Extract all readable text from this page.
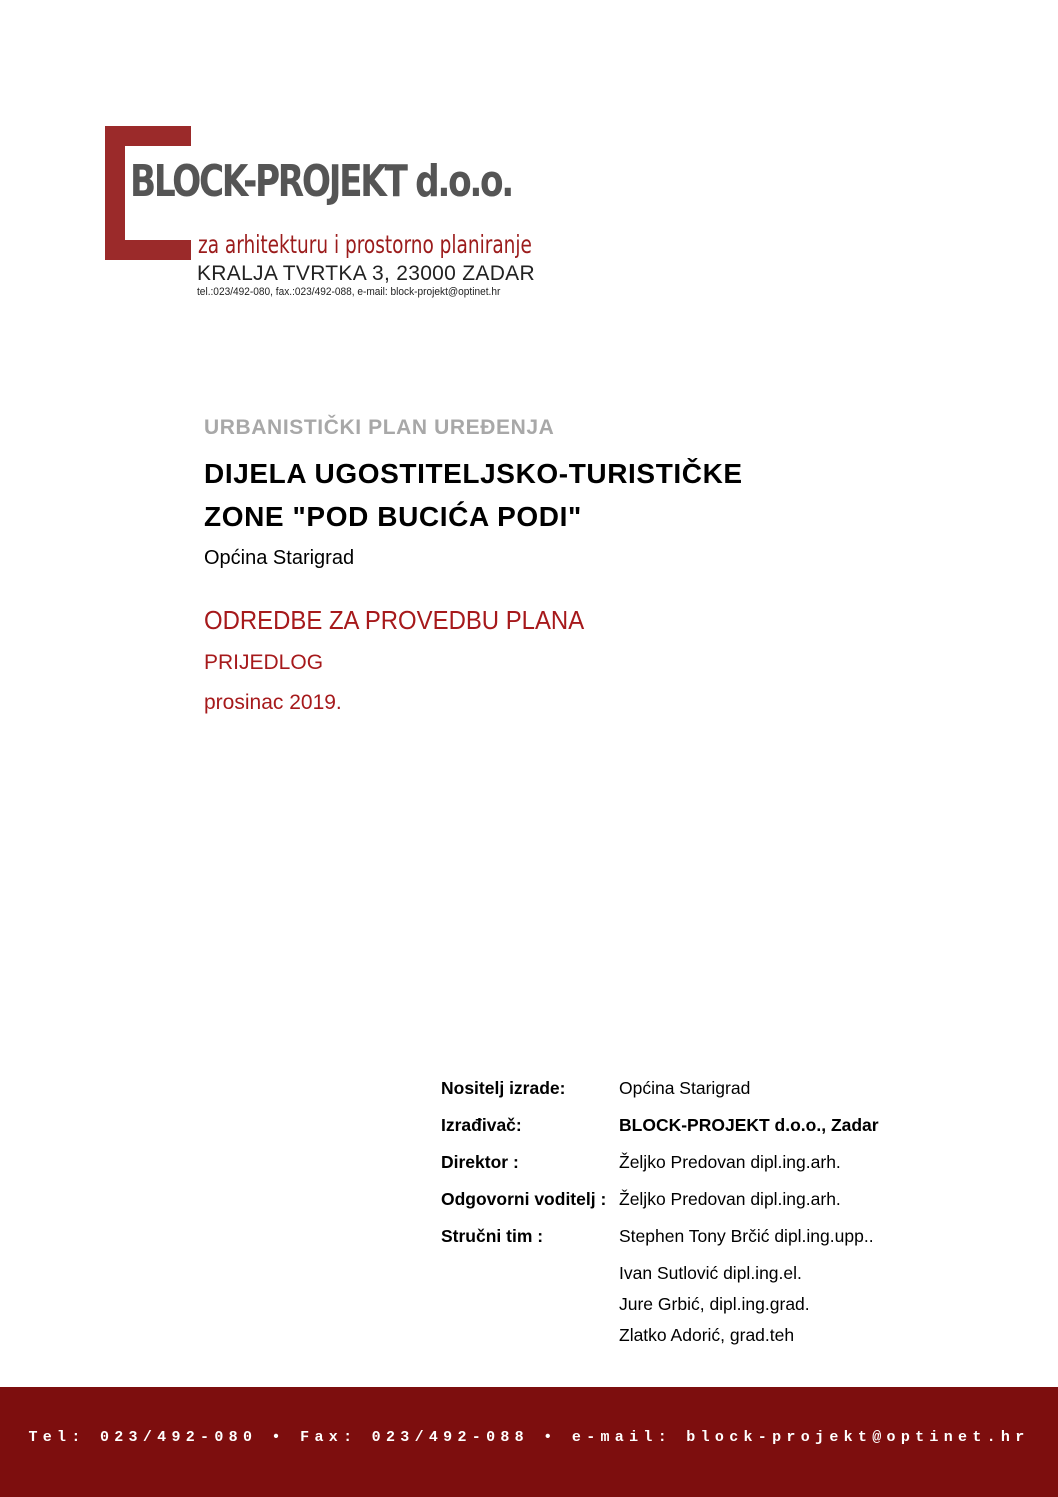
BLOCK-PROJEKT d.o.o.
za arhitekturu i prostorno planiranje
KRALJA TVRTKA 3, 23000 ZADAR
tel.:023/492-080, fax.:023/492-088, e-mail: block-projekt@optinet.hr
URBANISTIČKI PLAN UREĐENJA
DIJELA UGOSTITELJSKO-TURISTIČKE
ZONE "POD BUCIĆA PODI"
Općina Starigrad
ODREDBE ZA PROVEDBU PLANA
PRIJEDLOG
prosinac 2019.
Nositelj izrade:	Općina Starigrad
Izrađivač:	BLOCK-PROJEKT d.o.o., Zadar
Direktor :	Željko Predovan dipl.ing.arh.
Odgovorni voditelj : Željko Predovan dipl.ing.arh.
Stručni tim :	Stephen Tony Brčić dipl.ing.upp..
Ivan Sutlović dipl.ing.el.
Jure Grbić, dipl.ing.grad.
Zlatko Adorić, grad.teh
Tel: 023/492-080 • Fax: 023/492-088 • e-mail: block-projekt@optinet.hr
